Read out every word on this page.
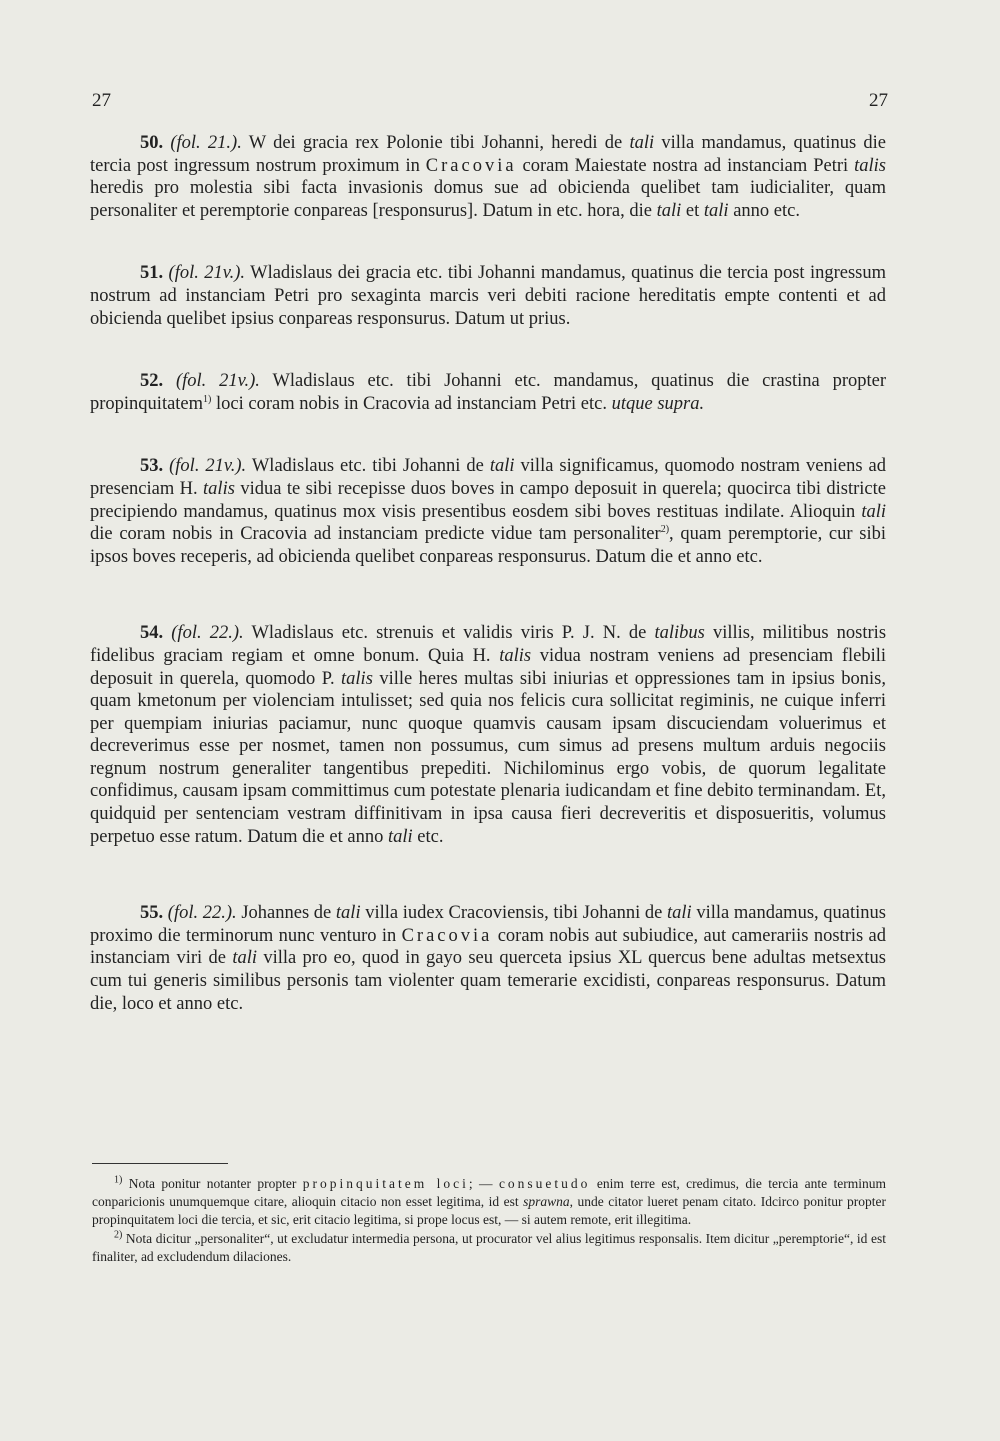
27	27

50. (fol. 21.). W dei gracia rex Polonie tibi Johanni, heredi de tali villa mandamus, quatinus die tercia post ingressum nostrum proximum in Cracovia coram Maiestate nostra ad instanciam Petri talis heredis pro molestia sibi facta invasionis domus sue ad obicienda quelibet tam iudicialiter, quam personaliter et peremptorie conpareas [responsurus]. Datum in etc. hora, die tali et tali anno etc.

51. (fol. 21v.). Wladislaus dei gracia etc. tibi Johanni mandamus, quatinus die tercia post ingressum nostrum ad instanciam Petri pro sexaginta marcis veri debiti racione hereditatis empte contenti et ad obicienda quelibet ipsius conpareas responsurus. Datum ut prius.

52. (fol. 21v.). Wladislaus etc. tibi Johanni etc. mandamus, quatinus die crastina propter propinquitatem$^{1)}$ loci coram nobis in Cracovia ad instanciam Petri etc. utque supra.

53. (fol. 21v.). Wladislaus etc. tibi Johanni de tali villa significamus, quomodo nostram veniens ad presenciam H. talis vidua te sibi recepisse duos boves in campo deposuit in querela; quocirca tibi districte precipiendo mandamus, quatinus mox visis presentibus eosdem sibi boves restituas indilate. Alioquin tali die coram nobis in Cracovia ad instanciam predicte vidue tam personaliter$^{2)}$, quam peremptorie, cur sibi ipsos boves receperis, ad obicienda quelibet conpareas responsurus. Datum die et anno etc.

54. (fol. 22.). Wladislaus etc. strenuis et validis viris P. J. N. de talibus villis, militibus nostris fidelibus graciam regiam et omne bonum. Quia H. talis vidua nostram veniens ad presenciam flebili deposuit in querela, quomodo P. talis ville heres multas sibi iniurias et oppressiones tam in ipsius bonis, quam kmetonum per violenciam intulisset; sed quia nos felicis cura sollicitat regiminis, ne cuique inferri per quempiam iniurias paciamur, nunc quoque quamvis causam ipsam discuciendam voluerimus et decreverimus esse per nosmet, tamen non possumus, cum simus ad presens multum arduis negociis regnum nostrum generaliter tangentibus prepediti. Nichilominus ergo vobis, de quorum legalitate confidimus, causam ipsam committimus cum potestate plenaria iudicandam et fine debito terminandam. Et, quidquid per sentenciam vestram diffinitivam in ipsa causa fieri decreveritis et disposueritis, volumus perpetuo esse ratum. Datum die et anno tali etc.

55. (fol. 22.). Johannes de tali villa iudex Cracoviensis, tibi Johanni de tali villa mandamus, quatinus proximo die terminorum nunc venturo in Cracovia coram nobis aut subiudice, aut camerariis nostris ad instanciam viri de tali villa pro eo, quod in gayo seu querceta ipsius XL quercus bene adultas metsextus cum tui generis similibus personis tam violenter quam temerarie excidisti, conpareas responsurus. Datum die, loco et anno etc.

$^{1)}$ Nota ponitur notanter propter propinquitatem loci; — consuetudo enim terre est, credimus, die tercia ante terminum conparicionis unumquemque citare, alioquin citacio non esset legitima, id est sprawna, unde citator lueret penam citato. Idcirco ponitur propter propinquitatem loci die tercia, et sic, erit citacio legitima, si prope locus est, — si autem remote, erit illegitima.

$^{2)}$ Nota dicitur „personaliter“, ut excludatur intermedia persona, ut procurator vel alius legitimus responsalis. Item dicitur „peremptorie“, id est finaliter, ad excludendum dilaciones.
